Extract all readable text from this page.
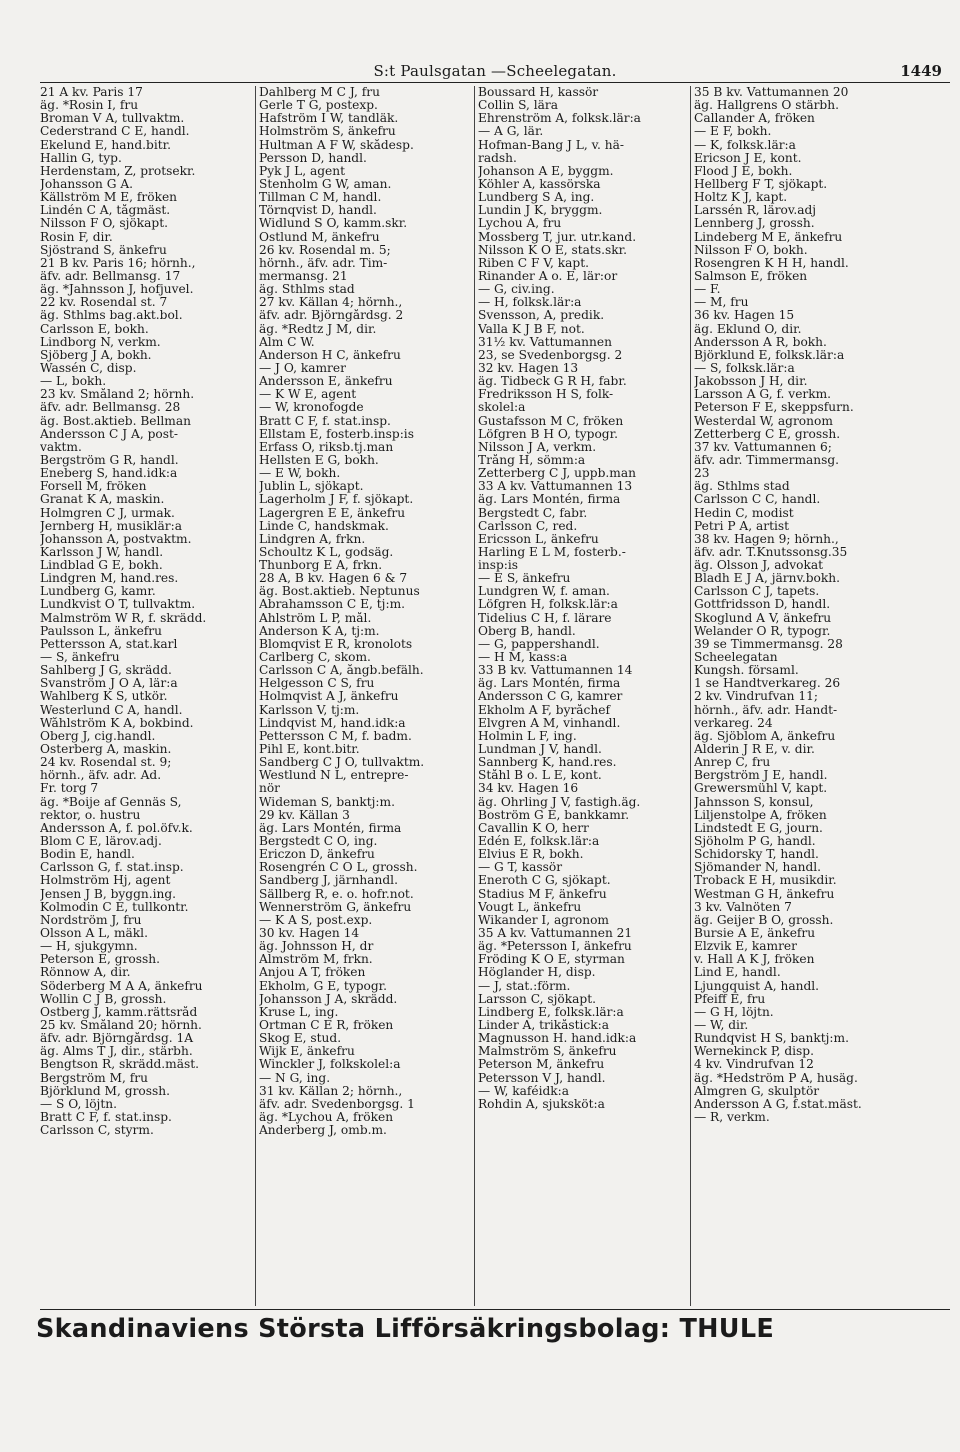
S:t Paulsgatan —Scheelegatan.	1449
21 A kv. Paris 17
äg. *Rosin I, fru
Broman V A, tullvaktm.
Cederstrand C E, handl.
Ekelund E, hand.bitr.
Hallin G, typ.
Herdenstam, Z, protsekr.
Johansson G A.
Källström M E, fröken
Lindén C A, tågmäst.
Nilsson F O, sjökapt.
Rosin F, dir.
Sjöstrand S, änkefru
21 B kv. Paris 16; hörnh.,
äfv. adr. Bellmansg. 17
äg. *Jahnsson J, hofjuvel.
22 kv. Rosendal st. 7
äg. Sthlms bag.akt.bol.
Carlsson E, bokh.
Lindborg N, verkm.
Sjöberg J A, bokh.
Wassén C, disp.
— L, bokh.
23 kv. Småland 2; hörnh.
äfv. adr. Bellmansg. 28
äg. Bost.aktieb. Bellman
Andersson C J A, post-
vaktm.
Bergström G R, handl.
Eneberg S, hand.idk:a
Forsell M, fröken
Granat K A, maskin.
Holmgren C J, urmak.
Jernberg H, musiklär:a
Johansson A, postvaktm.
Karlsson J W, handl.
Lindblad G E, bokh.
Lindgren M, hand.res.
Lundberg G, kamr.
Lundkvist O T, tullvaktm.
Malmström W R, f. skrädd.
Paulsson L, änkefru
Pettersson A, stat.karl
— S, änkefru
Sahlberg J G, skrädd.
Svanström J O A, lär:a
Wahlberg K S, utkör.
Westerlund C A, handl.
Wåhlström K A, bokbind.
Öberg J, cig.handl.
Österberg A, maskin.
24 kv. Rosendal st. 9;
hörnh., äfv. adr. Ad.
Fr. torg 7
äg. *Boije af Gennäs S,
rektor, o. hustru
Andersson A, f. pol.öfv.k.
Blom C E, lärov.adj.
Bodin E, handl.
Carlsson G, f. stat.insp.
Holmström Hj, agent
Jensen J B, byggn.ing.
Kolmodin C E, tullkontr.
Nordström J, fru
Olsson A L, mäkl.
— H, sjukgymn.
Peterson E, grossh.
Rönnow A, dir.
Söderberg M A A, änkefru
Wollin C J B, grossh.
Östberg J, kamm.rättsråd
25 kv. Småland 20; hörnh.
äfv. adr. Björngårdsg. 1A
äg. Alms T J, dir., stärbh.
Bengtson R, skrädd.mäst.
Bergström M, fru
Björklund M, grossh.
— S O, löjtn.
Bratt C F, f. stat.insp.
Carlsson C, styrm.
Dahlberg M C J, fru
Gerle T G, postexp.
Hafström I W, tandläk.
Holmström S, änkefru
Hultman A F W, skådesp.
Persson D, handl.
Pyk J L, agent
Stenholm G W, aman.
Tillman C M, handl.
Törnqvist D, handl.
Widlund S O, kamm.skr.
Östlund M, änkefru
26 kv. Rosendal m. 5;
hörnh., äfv. adr. Tim-
mermansg. 21
äg. Sthlms stad
27 kv. Källan 4; hörnh.,
äfv. adr. Björngårdsg. 2
äg. *Redtz J M, dir.
Alm C W.
Anderson H C, änkefru
— J O, kamrer
Andersson E, änkefru
— K W E, agent
— W, kronofogde
Bratt C F, f. stat.insp.
Ellstam E, fosterb.insp:is
Erfass O, riksb.tj.man
Hellsten E G, bokh.
— E W, bokh.
Jublin L, sjökapt.
Lagerholm J F, f. sjökapt.
Lagergren E E, änkefru
Linde C, handskmak.
Lindgren A, frkn.
Schoultz K L, godsäg.
Thunborg E A, frkn.
28 A, B kv. Hagen 6 & 7
äg. Bost.aktieb. Neptunus
Abrahamsson C E, tj:m.
Ahlström L P, mål.
Anderson K A, tj:m.
Blomqvist E R, kronolots
Carlberg C, skom.
Carlsson C A, ångb.befälh.
Helgesson C S, fru
Holmqvist A J, änkefru
Karlsson V, tj:m.
Lindqvist M, hand.idk:a
Pettersson C M, f. badm.
Pihl E, kont.bitr.
Sandberg C J O, tullvaktm.
Westlund N L, entrepre-
nör
Wideman S, banktj:m.
29 kv. Källan 3
äg. Lars Montén, firma
Bergstedt C O, ing.
Ericzon D, änkefru
Rosengrén C O L, grossh.
Sandberg J, järnhandl.
Sällberg R, e. o. hofr.not.
Wennerström G, änkefru
— K A S, post.exp.
30 kv. Hagen 14
äg. Johnsson H, dr
Almström M, frkn.
Anjou A T, fröken
Ekholm, G E, typogr.
Johansson J A, skrädd.
Kruse L, ing.
Ortman C E R, fröken
Skog E, stud.
Wijk E, änkefru
Winckler J, folkskolel:a
— N G, ing.
31 kv. Källan 2; hörnh.,
äfv. adr. Svedenborgsg. 1
äg. *Lychou A, fröken
Anderberg J, omb.m.
Boussard H, kassör
Collin S, lära
Ehrenström A, folksk.lär:a
— A G, lär.
Hofman-Bang J L, v. hä-
radsh.
Johanson A E, byggm.
Köhler A, kassörska
Lundberg S A, ing.
Lundin J K, bryggm.
Lychou A, fru
Mossberg T, jur. utr.kand.
Nilsson K O E, stats.skr.
Riben C F V, kapt.
Rinander A o. E, lär:or
— G, civ.ing.
— H, folksk.lär:a
Svensson, A, predik.
Valla K J B F, not.
31½ kv. Vattumannen
23, se Svedenborgsg. 2
32 kv. Hagen 13
äg. Tidbeck G R H, fabr.
Fredriksson H S, folk-
skolel:a
Gustafsson M C, fröken
Löfgren B H O, typogr.
Nilsson J A, verkm.
Trång H, sömm:a
Zetterberg C J, uppb.man
33 A kv. Vattumannen 13
äg. Lars Montén, firma
Bergstedt C, fabr.
Carlsson C, red.
Ericsson L, änkefru
Harling E L M, fosterb.-
insp:is
— E S, änkefru
Lundgren W, f. aman.
Löfgren H, folksk.lär:a
Tidelius C H, f. lärare
Öberg B, handl.
— G, pappershandl.
— H M, kass:a
33 B kv. Vattumannen 14
äg. Lars Montén, firma
Andersson C G, kamrer
Ekholm A F, byråchef
Elvgren A M, vinhandl.
Holmin L F, ing.
Lundman J V, handl.
Sannberg K, hand.res.
Ståhl B o. L E, kont.
34 kv. Hagen 16
äg. Ohrling J V, fastigh.äg.
Boström G E, bankkamr.
Cavallin K O, herr
Edén E, folksk.lär:a
Elvius E R, bokh.
— G T, kassör
Eneroth C G, sjökapt.
Stadius M F, änkefru
Vougt L, änkefru
Wikander I, agronom
35 A kv. Vattumannen 21
äg. *Petersson I, änkefru
Fröding K O E, styrman
Höglander H, disp.
— J, stat.:förm.
Larsson C, sjökapt.
Lindberg E, folksk.lär:a
Linder A, trikåstick:a
Magnusson H. hand.idk:a
Malmström S, änkefru
Peterson M, änkefru
Petersson V J, handl.
— W, kaféidk:a
Rohdin A, sjuksköt:a
35 B kv. Vattumannen 20
äg. Hallgrens O stärbh.
Callander A, fröken
— E F, bokh.
— K, folksk.lär:a
Ericson J E, kont.
Flood J E, bokh.
Hellberg F T, sjökapt.
Holtz K J, kapt.
Larssén R, lärov.adj
Lennberg J, grossh.
Lindeberg M E, änkefru
Nilsson F O, bokh.
Rosengren K H H, handl.
Salmson E, fröken
— F.
— M, fru
36 kv. Hagen 15
äg. Eklund O, dir.
Andersson A R, bokh.
Björklund E, folksk.lär:a
— S, folksk.lär:a
Jakobsson J H, dir.
Larsson A G, f. verkm.
Peterson F E, skeppsfurn.
Westerdal W, agronom
Zetterberg C E, grossh.
37 kv. Vattumannen 6;
äfv. adr. Timmermansg.
23
äg. Sthlms stad
Carlsson C C, handl.
Hedin C, modist
Petri P A, artist
38 kv. Hagen 9; hörnh.,
äfv. adr. T.Knutssonsg.35
äg. Olsson J, advokat
Bladh E J A, järnv.bokh.
Carlsson C J, tapets.
Gottfridsson D, handl.
Skoglund A V, änkefru
Welander O R, typogr.
39 se Timmermansg. 28
Scheelegatan
Kungsh. församl.
1 se Handtverkareg. 26
2 kv. Vindrufvan 11;
hörnh., äfv. adr. Handt-
verkareg. 24
äg. Sjöblom A, änkefru
Alderin J R E, v. dir.
Anrep C, fru
Bergström J E, handl.
Grewersmühl V, kapt.
Jahnsson S, konsul,
Liljenstolpe A, fröken
Lindstedt E G, journ.
Sjöholm P G, handl.
Schidorsky T, handl.
Sjömander N, handl.
Troback E H, musikdir.
Westman G H, änkefru
3 kv. Valnöten 7
äg. Geijer B O, grossh.
Bursie A E, änkefru
Elzvik E, kamrer
v. Hall A K J, fröken
Lind E, handl.
Ljungquist A, handl.
Pfeiff E, fru
— G H, löjtn.
— W, dir.
Rundqvist H S, banktj:m.
Wernekinck P, disp.
4 kv. Vindrufvan 12
äg. *Hedström P A, husäg.
Almgren G, skulptör
Andersson A G, f.stat.mäst.
— R, verkm.
Skandinaviens Största Lifförsäkringsbolag: THULE
